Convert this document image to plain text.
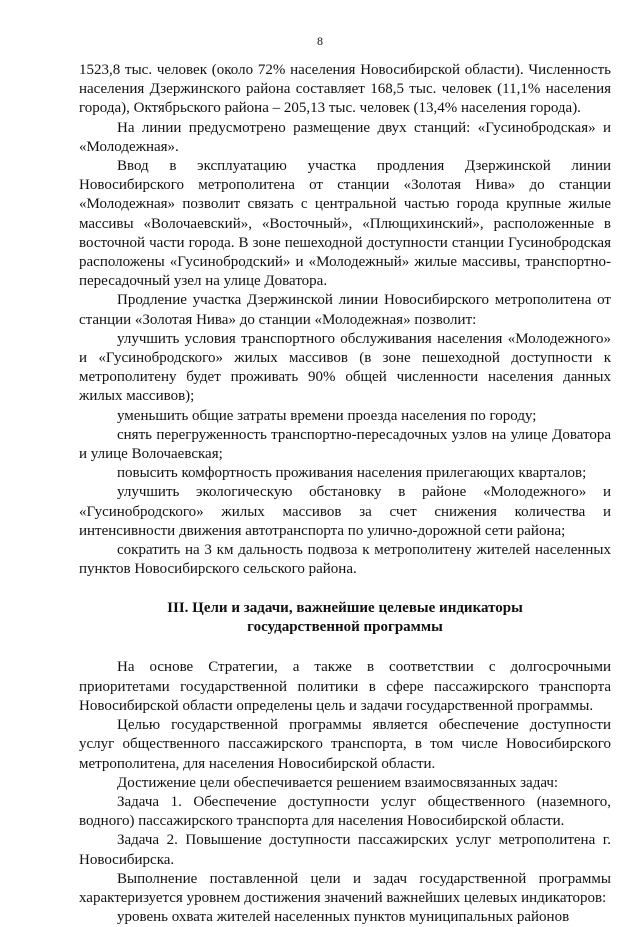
8

1523,8 тыс. человек (около 72% населения Новосибирской области). Численность населения Дзержинского района составляет 168,5 тыс. человек (11,1% населения города), Октябрьского района – 205,13 тыс. человек (13,4% населения города).

На линии предусмотрено размещение двух станций: «Гусинобродская» и «Молодежная».

Ввод в эксплуатацию участка продления Дзержинской линии Новосибирского метрополитена от станции «Золотая Нива» до станции «Молодежная» позволит связать с центральной частью города крупные жилые массивы «Волочаевский», «Восточный», «Плющихинский», расположенные в восточной части города. В зоне пешеходной доступности станции Гусинобродская расположены «Гусинобродский» и «Молодежный» жилые массивы, транспортно-пересадочный узел на улице Доватора.

Продление участка Дзержинской линии Новосибирского метрополитена от станции «Золотая Нива» до станции «Молодежная» позволит:

улучшить условия транспортного обслуживания населения «Молодежного» и «Гусинобродского» жилых массивов (в зоне пешеходной доступности к метрополитену будет проживать 90% общей численности населения данных жилых массивов);

уменьшить общие затраты времени проезда населения по городу;

снять перегруженность транспортно-пересадочных узлов на улице Доватора и улице Волочаевская;

повысить комфортность проживания населения прилегающих кварталов;

улучшить экологическую обстановку в районе «Молодежного» и «Гусинобродского» жилых массивов за счет снижения количества и интенсивности движения автотранспорта по улично-дорожной сети района;

сократить на 3 км дальность подвоза к метрополитену жителей населенных пунктов Новосибирского сельского района.

III. Цели и задачи, важнейшие целевые индикаторы
государственной программы

На основе Стратегии, а также в соответствии с долгосрочными приоритетами государственной политики в сфере пассажирского транспорта Новосибирской области определены цель и задачи государственной программы.

Целью государственной программы является обеспечение доступности услуг общественного пассажирского транспорта, в том числе Новосибирского метрополитена, для населения Новосибирской области.

Достижение цели обеспечивается решением взаимосвязанных задач:

Задача 1. Обеспечение доступности услуг общественного (наземного, водного) пассажирского транспорта для населения Новосибирской области.

Задача 2. Повышение доступности пассажирских услуг метрополитена г. Новосибирска.

Выполнение поставленной цели и задач государственной программы характеризуется уровнем достижения значений важнейших целевых индикаторов:

уровень охвата жителей населенных пунктов муниципальных районов
